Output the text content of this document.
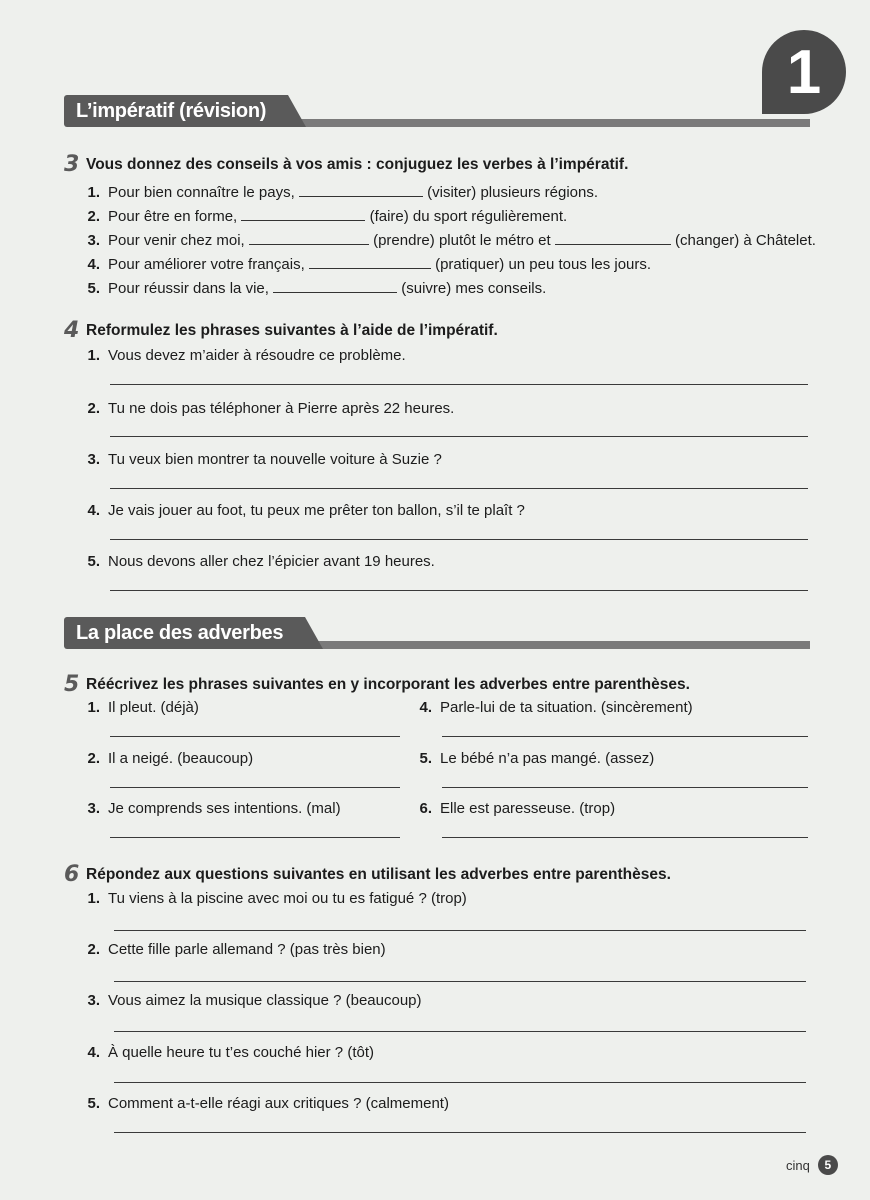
1
L’impératif (révision)
3 Vous donnez des conseils à vos amis : conjuguez les verbes à l’impératif.
1. Pour bien connaître le pays,	(visiter) plusieurs régions.
2. Pour être en forme,	(faire) du sport régulièrement.
3. Pour venir chez moi,	(prendre) plutôt le métro et	(changer) à Châtelet.
4. Pour améliorer votre français,	(pratiquer) un peu tous les jours.
5. Pour réussir dans la vie,	(suivre) mes conseils.
4 Reformulez les phrases suivantes à l’aide de l’impératif.
1. Vous devez m’aider à résoudre ce problème.
2. Tu ne dois pas téléphoner à Pierre après 22 heures.
3. Tu veux bien montrer ta nouvelle voiture à Suzie ?
4. Je vais jouer au foot, tu peux me prêter ton ballon, s’il te plaît ?
5. Nous devons aller chez l’épicier avant 19 heures.
La place des adverbes
5 Réécrivez les phrases suivantes en y incorporant les adverbes entre parenthèses.
1. Il pleut. (déjà)	4. Parle-lui de ta situation. (sincèrement)
2. Il a neigé. (beaucoup)	5. Le bébé n’a pas mangé. (assez)
3. Je comprends ses intentions. (mal)	6. Elle est paresseuse. (trop)
6 Répondez aux questions suivantes en utilisant les adverbes entre parenthèses.
1. Tu viens à la piscine avec moi ou tu es fatigué ? (trop)
2. Cette fille parle allemand ? (pas très bien)
3. Vous aimez la musique classique ? (beaucoup)
4. À quelle heure tu t’es couché hier ? (tôt)
5. Comment a-t-elle réagi aux critiques ? (calmement)
cinq	5
